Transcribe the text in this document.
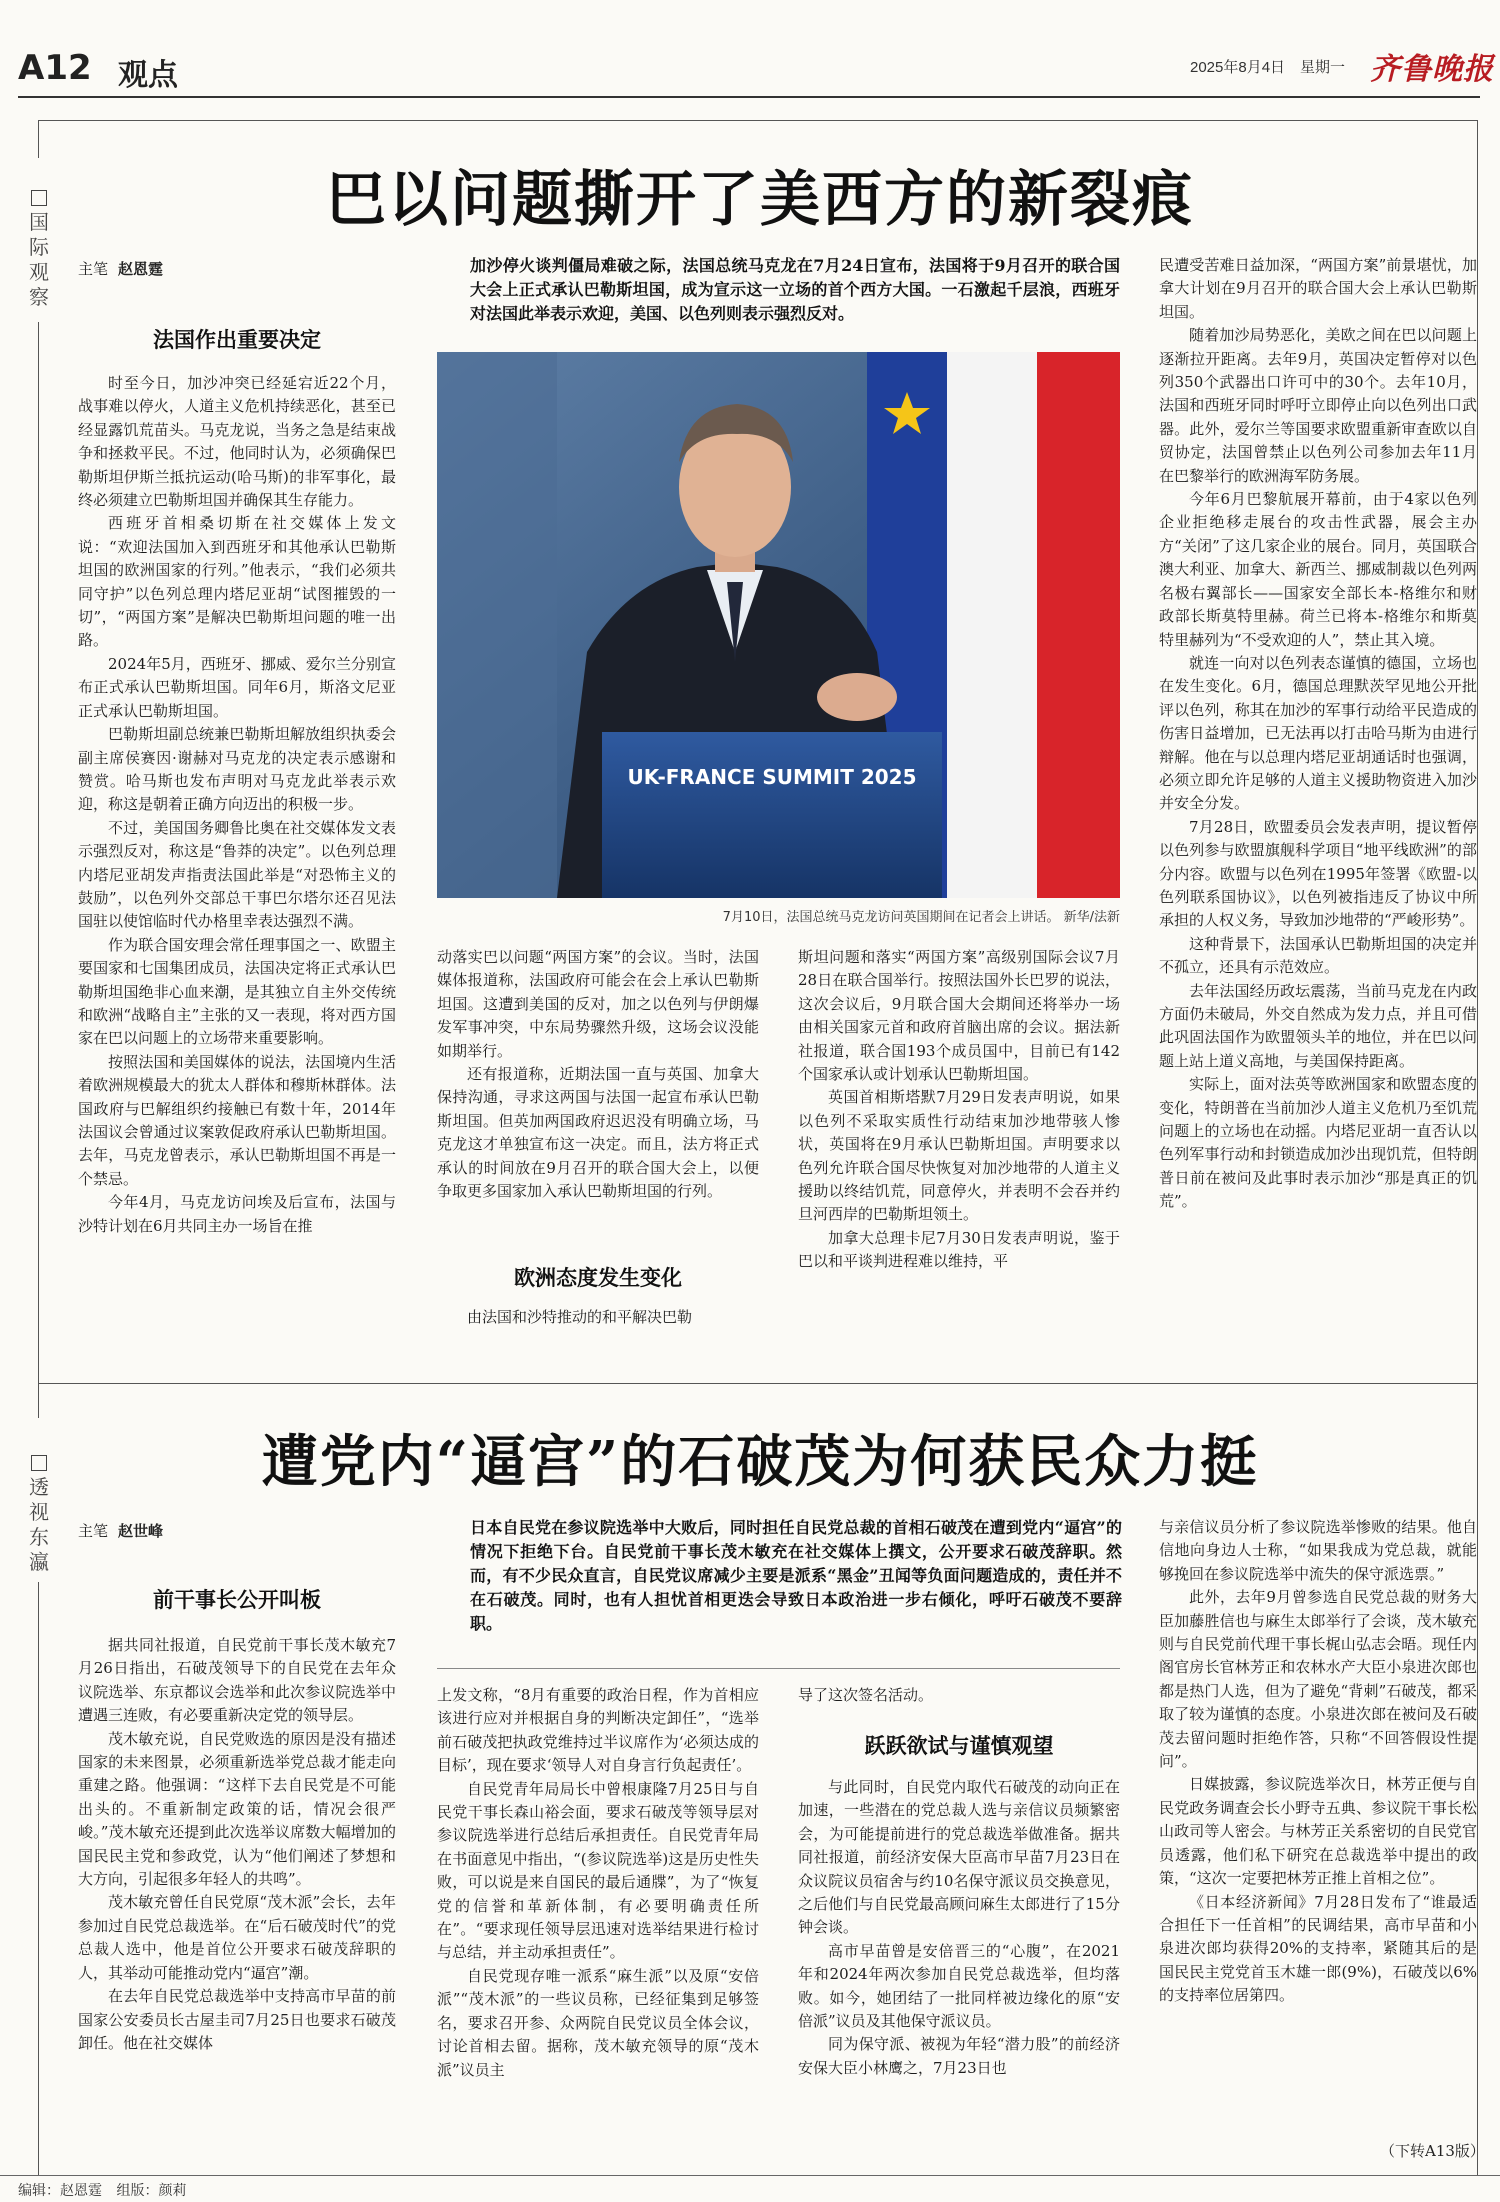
A12 观点	2025年8月4日 星期一 齐鲁晚报
国际观察
巴以问题撕开了美西方的新裂痕
主笔 赵恩霆
法国作出重要决定

时至今日，加沙冲突已经延宕近22个月，战事难以停火，人道主义危机持续恶化，甚至已经显露饥荒苗头。马克龙说，当务之急是结束战争和拯救平民。不过，他同时认为，必须确保巴勒斯坦伊斯兰抵抗运动(哈马斯)的非军事化，最终必须建立巴勒斯坦国并确保其生存能力。

西班牙首相桑切斯在社交媒体上发文说：“欢迎法国加入到西班牙和其他承认巴勒斯坦国的欧洲国家的行列。”他表示，“我们必须共同守护”以色列总理内塔尼亚胡“试图摧毁的一切”，“两国方案”是解决巴勒斯坦问题的唯一出路。

2024年5月，西班牙、挪威、爱尔兰分别宣布正式承认巴勒斯坦国。同年6月，斯洛文尼亚正式承认巴勒斯坦国。

巴勒斯坦副总统兼巴勒斯坦解放组织执委会副主席侯赛因·谢赫对马克龙的决定表示感谢和赞赏。哈马斯也发布声明对马克龙此举表示欢迎，称这是朝着正确方向迈出的积极一步。

不过，美国国务卿鲁比奥在社交媒体发文表示强烈反对，称这是“鲁莽的决定”。以色列总理内塔尼亚胡发声指责法国此举是“对恐怖主义的鼓励”，以色列外交部总干事巴尔塔尔还召见法国驻以使馆临时代办格里幸表达强烈不满。

作为联合国安理会常任理事国之一、欧盟主要国家和七国集团成员，法国决定将正式承认巴勒斯坦国绝非心血来潮，是其独立自主外交传统和欧洲“战略自主”主张的又一表现，将对西方国家在巴以问题上的立场带来重要影响。

按照法国和美国媒体的说法，法国境内生活着欧洲规模最大的犹太人群体和穆斯林群体。法国政府与巴解组织约接触已有数十年，2014年法国议会曾通过议案敦促政府承认巴勒斯坦国。去年，马克龙曾表示，承认巴勒斯坦国不再是一个禁忌。

今年4月，马克龙访问埃及后宣布，法国与沙特计划在6月共同主办一场旨在推

加沙停火谈判僵局难破之际，法国总统马克龙在7月24日宣布，法国将于9月召开的联合国大会上正式承认巴勒斯坦国，成为宣示这一立场的首个西方大国。一石激起千层浪，西班牙对法国此举表示欢迎，美国、以色列则表示强烈反对。
UK-FRANCE SUMMIT 2025
7月10日，法国总统马克龙访问英国期间在记者会上讲话。 新华/法新

动落实巴以问题“两国方案”的会议。当时，法国媒体报道称，法国政府可能会在会上承认巴勒斯坦国。这遭到美国的反对，加之以色列与伊朗爆发军事冲突，中东局势骤然升级，这场会议没能如期举行。

还有报道称，近期法国一直与英国、加拿大保持沟通，寻求这两国与法国一起宣布承认巴勒斯坦国。但英加两国政府迟迟没有明确立场，马克龙这才单独宣布这一决定。而且，法方将正式承认的时间放在9月召开的联合国大会上，以便争取更多国家加入承认巴勒斯坦国的行列。

欧洲态度发生变化

由法国和沙特推动的和平解决巴勒

斯坦问题和落实“两国方案”高级别国际会议7月28日在联合国举行。按照法国外长巴罗的说法，这次会议后，9月联合国大会期间还将举办一场由相关国家元首和政府首脑出席的会议。据法新社报道，联合国193个成员国中，目前已有142个国家承认或计划承认巴勒斯坦国。

英国首相斯塔默7月29日发表声明说，如果以色列不采取实质性行动结束加沙地带骇人惨状，英国将在9月承认巴勒斯坦国。声明要求以色列允许联合国尽快恢复对加沙地带的人道主义援助以终结饥荒，同意停火，并表明不会吞并约旦河西岸的巴勒斯坦领土。

加拿大总理卡尼7月30日发表声明说，鉴于巴以和平谈判进程难以维持，平

民遭受苦难日益加深，“两国方案”前景堪忧，加拿大计划在9月召开的联合国大会上承认巴勒斯坦国。

随着加沙局势恶化，美欧之间在巴以问题上逐渐拉开距离。去年9月，英国决定暂停对以色列350个武器出口许可中的30个。去年10月，法国和西班牙同时呼吁立即停止向以色列出口武器。此外，爱尔兰等国要求欧盟重新审查欧以自贸协定，法国曾禁止以色列公司参加去年11月在巴黎举行的欧洲海军防务展。

今年6月巴黎航展开幕前，由于4家以色列企业拒绝移走展台的攻击性武器，展会主办方“关闭”了这几家企业的展台。同月，英国联合澳大利亚、加拿大、新西兰、挪威制裁以色列两名极右翼部长——国家安全部长本-格维尔和财政部长斯莫特里赫。荷兰已将本-格维尔和斯莫特里赫列为“不受欢迎的人”，禁止其入境。

就连一向对以色列表态谨慎的德国，立场也在发生变化。6月，德国总理默茨罕见地公开批评以色列，称其在加沙的军事行动给平民造成的伤害日益增加，已无法再以打击哈马斯为由进行辩解。他在与以总理内塔尼亚胡通话时也强调，必须立即允许足够的人道主义援助物资进入加沙并安全分发。

7月28日，欧盟委员会发表声明，提议暂停以色列参与欧盟旗舰科学项目“地平线欧洲”的部分内容。欧盟与以色列在1995年签署《欧盟-以色列联系国协议》，以色列被指违反了协议中所承担的人权义务，导致加沙地带的“严峻形势”。

这种背景下，法国承认巴勒斯坦国的决定并不孤立，还具有示范效应。

去年法国经历政坛震荡，当前马克龙在内政方面仍未破局，外交自然成为发力点，并且可借此巩固法国作为欧盟领头羊的地位，并在巴以问题上站上道义高地，与美国保持距离。

实际上，面对法英等欧洲国家和欧盟态度的变化，特朗普在当前加沙人道主义危机乃至饥荒问题上的立场也在动摇。内塔尼亚胡一直否认以色列军事行动和封锁造成加沙出现饥荒，但特朗普日前在被问及此事时表示加沙“那是真正的饥荒”。

透视东瀛
遭党内“逼宫”的石破茂为何获民众力挺
主笔 赵世峰
前干事长公开叫板

据共同社报道，自民党前干事长茂木敏充7月26日指出，石破茂领导下的自民党在去年众议院选举、东京都议会选举和此次参议院选举中遭遇三连败，有必要重新决定党的领导层。

茂木敏充说，自民党败选的原因是没有描述国家的未来图景，必须重新选举党总裁才能走向重建之路。他强调：“这样下去自民党是不可能出头的。不重新制定政策的话，情况会很严峻。”茂木敏充还提到此次选举议席数大幅增加的国民民主党和参政党，认为“他们阐述了梦想和大方向，引起很多年轻人的共鸣”。

茂木敏充曾任自民党原“茂木派”会长，去年参加过自民党总裁选举。在“后石破茂时代”的党总裁人选中，他是首位公开要求石破茂辞职的人，其举动可能推动党内“逼宫”潮。

在去年自民党总裁选举中支持高市早苗的前国家公安委员长古屋圭司7月25日也要求石破茂卸任。他在社交媒体

日本自民党在参议院选举中大败后，同时担任自民党总裁的首相石破茂在遭到党内“逼宫”的情况下拒绝下台。自民党前干事长茂木敏充在社交媒体上撰文，公开要求石破茂辞职。然而，有不少民众直言，自民党议席减少主要是派系“黑金”丑闻等负面问题造成的，责任并不在石破茂。同时，也有人担忧首相更迭会导致日本政治进一步右倾化，呼吁石破茂不要辞职。

上发文称，“8月有重要的政治日程，作为首相应该进行应对并根据自身的判断决定卸任”，“选举前石破茂把执政党维持过半议席作为‘必须达成的目标’，现在要求‘领导人对自身言行负起责任’。

自民党青年局局长中曾根康隆7月25日与自民党干事长森山裕会面，要求石破茂等领导层对参议院选举进行总结后承担责任。自民党青年局在书面意见中指出，“(参议院选举)这是历史性失败，可以说是来自国民的最后通牒”，为了“恢复党的信誉和革新体制，有必要明确责任所在”。“要求现任领导层迅速对选举结果进行检讨与总结，并主动承担责任”。

自民党现存唯一派系“麻生派”以及原“安倍派”“茂木派”的一些议员称，已经征集到足够签名，要求召开参、众两院自民党议员全体会议，讨论首相去留。据称，茂木敏充领导的原“茂木派”议员主

导了这次签名活动。

跃跃欲试与谨慎观望

与此同时，自民党内取代石破茂的动向正在加速，一些潜在的党总裁人选与亲信议员频繁密会，为可能提前进行的党总裁选举做准备。据共同社报道，前经济安保大臣高市早苗7月23日在众议院议员宿舍与约10名保守派议员交换意见，之后他们与自民党最高顾问麻生太郎进行了15分钟会谈。

高市早苗曾是安倍晋三的“心腹”，在2021年和2024年两次参加自民党总裁选举，但均落败。如今，她团结了一批同样被边缘化的原“安倍派”议员及其他保守派议员。

同为保守派、被视为年轻“潜力股”的前经济安保大臣小林鹰之，7月23日也

与亲信议员分析了参议院选举惨败的结果。他自信地向身边人士称，“如果我成为党总裁，就能够挽回在参议院选举中流失的保守派选票。”

此外，去年9月曾参选自民党总裁的财务大臣加藤胜信也与麻生太郎举行了会谈，茂木敏充则与自民党前代理干事长梶山弘志会晤。现任内阁官房长官林芳正和农林水产大臣小泉进次郎也都是热门人选，但为了避免“背刺”石破茂，都采取了较为谨慎的态度。小泉进次郎在被问及石破茂去留问题时拒绝作答，只称“不回答假设性提问”。

日媒披露，参议院选举次日，林芳正便与自民党政务调查会长小野寺五典、参议院干事长松山政司等人密会。与林芳正关系密切的自民党官员透露，他们私下研究在总裁选举中提出的政策，“这次一定要把林芳正推上首相之位”。

《日本经济新闻》7月28日发布了“谁最适合担任下一任首相”的民调结果，高市早苗和小泉进次郎均获得20%的支持率，紧随其后的是国民民主党党首玉木雄一郎(9%)，石破茂以6%的支持率位居第四。

（下转A13版）
编辑：赵恩霆 组版：颜莉
